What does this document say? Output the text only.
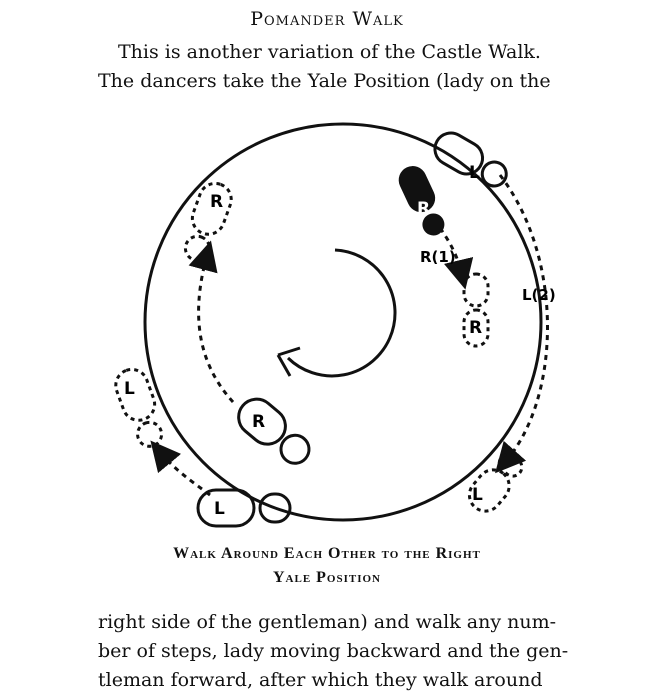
Pomander Walk
This is another variation of the Castle Walk.
The dancers take the Yale Position (lady on the
R
R
L
L
R
R(1)
R
L
L(2)
L
Walk Around Each Other to the Right
Yale Position
right side of the gentleman) and walk any num-
ber of steps, lady moving backward and the gen-
tleman forward, after which they walk around
